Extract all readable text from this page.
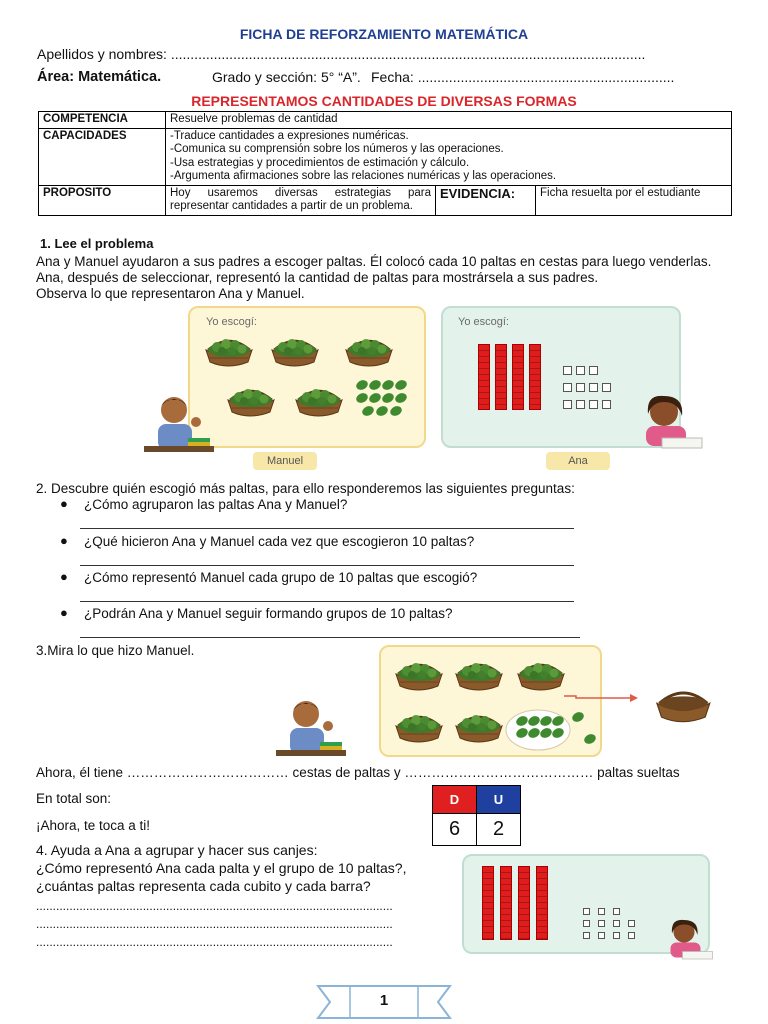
FICHA DE REFORZAMIENTO MATEMÁTICA
Apellidos y nombres: ..........................................................................................................................
Área: Matemática.	Grado y sección: 5° “A”. Fecha: ..................................................................
REPRESENTAMOS CANTIDADES DE DIVERSAS FORMAS
COMPETENCIA	Resuelve problemas de cantidad		
CAPACIDADES	-Traduce cantidades a expresiones numéricas.
-Comunica su comprensión sobre los números y las operaciones.
-Usa estrategias y procedimientos de estimación y cálculo.
-Argumenta afirmaciones sobre las relaciones numéricas y las operaciones.		

PROPOSITO	Hoy usaremos diversas estrategias para representar cantidades a partir de un problema.	EVIDENCIA:	Ficha resuelta por el estudiante
1. Lee el problema
Ana y Manuel ayudaron a sus padres a escoger paltas. Él colocó cada 10 paltas en cestas para luego venderlas.
Ana, después de seleccionar, representó la cantidad de paltas para mostrársela a sus padres.
Observa lo que representaron Ana y Manuel.
Yo escogí:
Manuel
Yo escogí:
Ana
2. Descubre quién escogió más paltas, para ello responderemos las siguientes preguntas:
● ¿Cómo agruparon las paltas Ana y Manuel?
● ¿Qué hicieron Ana y Manuel cada vez que escogieron 10 paltas?
● ¿Cómo representó Manuel cada grupo de 10 paltas que escogió?
● ¿Podrán Ana y Manuel seguir formando grupos de 10 paltas?
3.Mira lo que hizo Manuel.
Ahora, él tiene ……………………………… cestas de paltas y …………………………………… paltas sueltas
En total son:
¡Ahora, te toca a ti!
D	U
6	2
4. Ayuda a Ana a agrupar y hacer sus canjes:
¿Cómo representó Ana cada palta y el grupo de 10 paltas?,
¿cuántas paltas representa cada cubito y cada barra?
...........................................................................................................
...........................................................................................................
...........................................................................................................
1
